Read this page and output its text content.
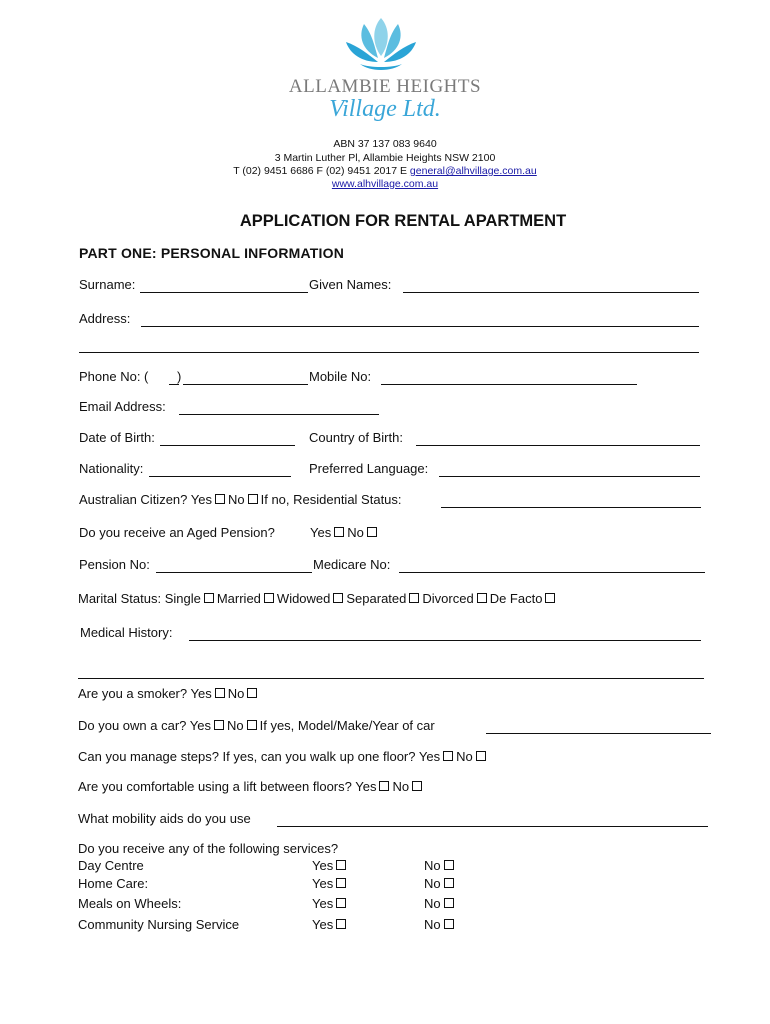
ALLAMBIE HEIGHTS
Village Ltd.
ABN 37 137 083 9640
3 Martin Luther Pl, Allambie Heights NSW 2100
T (02) 9451 6686 F (02) 9451 2017 E general@alhvillage.com.au
www.alhvillage.com.au
APPLICATION FOR RENTAL APARTMENT
PART ONE: PERSONAL INFORMATION
Surname:	Given Names:
Address:
Phone No: ( )	Mobile No:
Email Address:
Date of Birth:	Country of Birth:
Nationality:	Preferred Language:
Australian Citizen? Yes No If no, Residential Status:
Do you receive an Aged Pension?	Yes No
Pension No:	Medicare No:
Marital Status: Single Married Widowed Separated Divorced De Facto
Medical History:
Are you a smoker? Yes No
Do you own a car? Yes No If yes, Model/Make/Year of car
Can you manage steps? If yes, can you walk up one floor? Yes No
Are you comfortable using a lift between floors? Yes No
What mobility aids do you use
Do you receive any of the following services?
Day Centre	Yes	No
Home Care:	Yes	No
Meals on Wheels:	Yes	No
Community Nursing Service	Yes	No
